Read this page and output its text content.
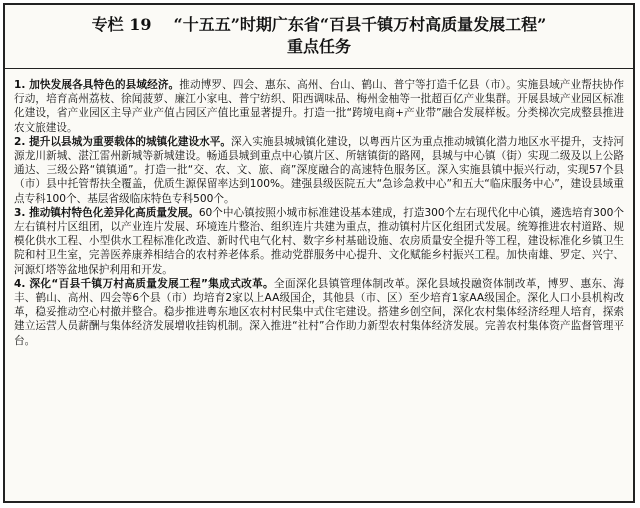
专栏 19 “十五五”时期广东省“百县千镇万村高质量发展工程”
重点任务

1. 加快发展各具特色的县域经济。推动博罗、四会、惠东、高州、台山、鹤山、普宁等打造千亿县（市）。实施县域产业帮扶协作行动，培育高州荔枝、徐闻菠萝、廉江小家电、普宁纺织、阳西调味品、梅州金柚等一批超百亿产业集群。开展县域产业园区标准化建设，省产业园区主导产业产值占园区产值比重显著提升。打造一批“跨境电商+产业带”融合发展样板。分类梯次完成整县推进农文旅建设。

2. 提升以县城为重要载体的城镇化建设水平。深入实施县城城镇化建设，以粤西片区为重点推动城镇化潜力地区水平提升，支持河源龙川新城、湛江雷州新城等新城建设。畅通县城到重点中心镇片区、所辖镇街的路网，县城与中心镇（街）实现二级及以上公路通达、三级公路“镇镇通”。打造一批“交、农、文、旅、商”深度融合的高速特色服务区。深入实施县镇中振兴行动，实现57个县（市）县中托管帮扶全覆盖，优质生源保留率达到100%。建强县级医院五大“急诊急救中心”和五大“临床服务中心”，建设县域重点专科100个、基层省级临床特色专科500个。

3. 推动镇村特色化差异化高质量发展。60个中心镇按照小城市标准建设基本建成，打造300个左右现代化中心镇，遴选培育300个左右镇村片区组团，以产业连片发展、环境连片整治、组织连片共建为重点，推动镇村片区化组团式发展。统筹推进农村道路、规模化供水工程、小型供水工程标准化改造、新时代电气化村、数字乡村基础设施、农房质量安全提升等工程，建设标准化乡镇卫生院和村卫生室，完善医养康养相结合的农村养老体系。推动党群服务中心提升、文化赋能乡村振兴工程。加快南雄、罗定、兴宁、河源灯塔等盆地保护利用和开发。

4. 深化“百县千镇万村高质量发展工程”集成式改革。全面深化县镇管理体制改革。深化县域投融资体制改革，博罗、惠东、海丰、鹤山、高州、四会等6个县（市）均培育2家以上AA级国企，其他县（市、区）至少培育1家AA级国企。深化人口小县机构改革，稳妥推动空心村撤并整合。稳步推进粤东地区农村村民集中式住宅建设。搭建乡创空间，深化农村集体经济经理人培育，探索建立运营人员薪酬与集体经济发展增收挂钩机制。深入推进“社村”合作助力新型农村集体经济发展。完善农村集体资产监督管理平台。
